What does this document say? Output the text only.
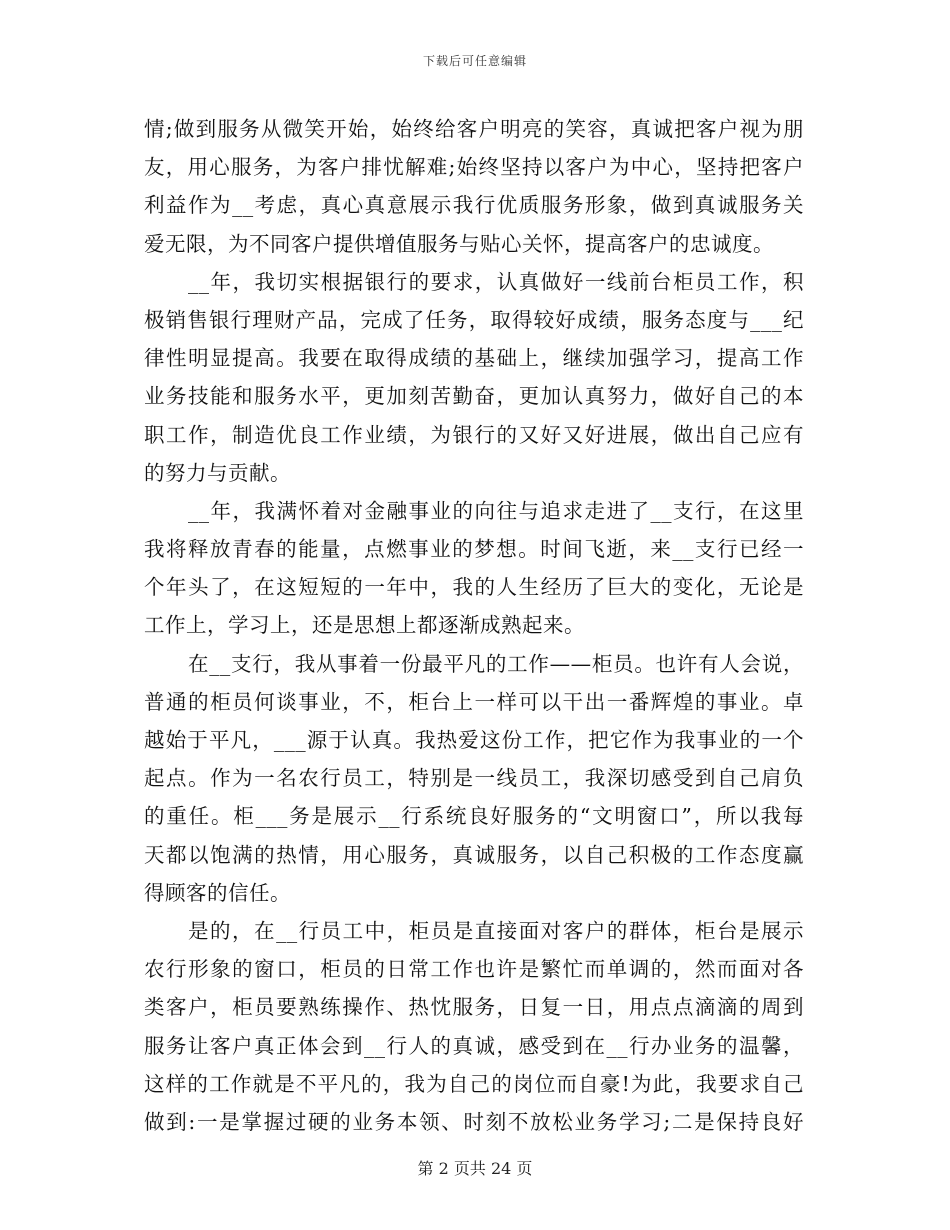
下载后可任意编辑
情;做到服务从微笑开始，始终给客户明亮的笑容，真诚把客户视为朋
友，用心服务，为客户排忧解难;始终坚持以客户为中心，坚持把客户
利益作为__考虑，真心真意展示我行优质服务形象，做到真诚服务关
爱无限，为不同客户提供增值服务与贴心关怀，提高客户的忠诚度。
__年，我切实根据银行的要求，认真做好一线前台柜员工作，积
极销售银行理财产品，完成了任务，取得较好成绩，服务态度与___纪
律性明显提高。我要在取得成绩的基础上，继续加强学习，提高工作
业务技能和服务水平，更加刻苦勤奋，更加认真努力，做好自己的本
职工作，制造优良工作业绩，为银行的又好又好进展，做出自己应有
的努力与贡献。
__年，我满怀着对金融事业的向往与追求走进了__支行，在这里
我将释放青春的能量，点燃事业的梦想。时间飞逝，来__支行已经一
个年头了，在这短短的一年中，我的人生经历了巨大的变化，无论是
工作上，学习上，还是思想上都逐渐成熟起来。
在__支行，我从事着一份最平凡的工作——柜员。也许有人会说，
普通的柜员何谈事业，不，柜台上一样可以干出一番辉煌的事业。卓
越始于平凡，___源于认真。我热爱这份工作，把它作为我事业的一个
起点。作为一名农行员工，特别是一线员工，我深切感受到自己肩负
的重任。柜___务是展示__行系统良好服务的“文明窗口”，所以我每
天都以饱满的热情，用心服务，真诚服务，以自己积极的工作态度赢
得顾客的信任。
是的，在__行员工中，柜员是直接面对客户的群体，柜台是展示
农行形象的窗口，柜员的日常工作也许是繁忙而单调的，然而面对各
类客户，柜员要熟练操作、热忱服务，日复一日，用点点滴滴的周到
服务让客户真正体会到__行人的真诚，感受到在__行办业务的温馨，
这样的工作就是不平凡的，我为自己的岗位而自豪!为此，我要求自己
做到:一是掌握过硬的业务本领、时刻不放松业务学习;二是保持良好
第 2 页共 24 页
